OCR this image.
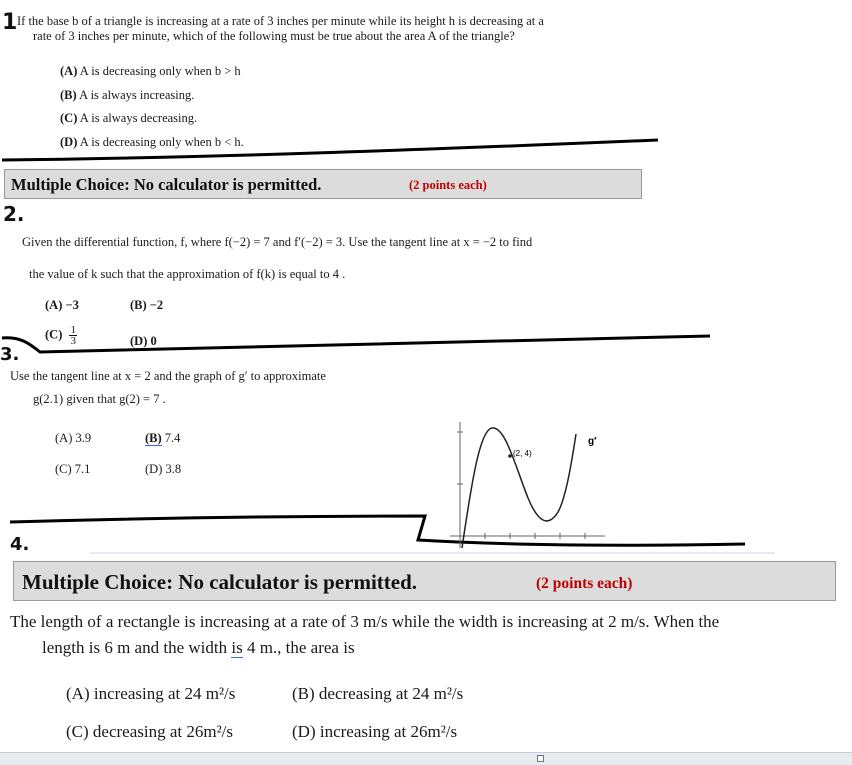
1 If the base b of a triangle is increasing at a rate of 3 inches per minute while its height h is decreasing at a
rate of 3 inches per minute, which of the following must be true about the area A of the triangle?
(A) A is decreasing only when b > h
(B) A is always increasing.
(C) A is always decreasing.
(D) A is decreasing only when b < h.
Multiple Choice: No calculator is permitted.	(2 points each)
2.
Given the differential function, f, where f(−2) = 7 and f′(−2) = 3. Use the tangent line at x = −2 to find
the value of k such that the approximation of f(k) is equal to 4 .
(A) −3	(B) −2
$(C) \frac{1}{3}$	(D) 0
3.
Use the tangent line at x = 2 and the graph of g′ to approximate
g(2.1) given that g(2) = 7 .
(A) 3.9	(B) 7.4
(C) 7.1	(D) 3.8
(2, 4)
g′
4.
Multiple Choice: No calculator is permitted.	(2 points each)
The length of a rectangle is increasing at a rate of 3 m/s while the width is increasing at 2 m/s. When the
length is 6 m and the width is 4 m., the area is
(A) increasing at 24 m²/s	(B) decreasing at 24 m²/s
(C) decreasing at 26m²/s	(D) increasing at 26m²/s
